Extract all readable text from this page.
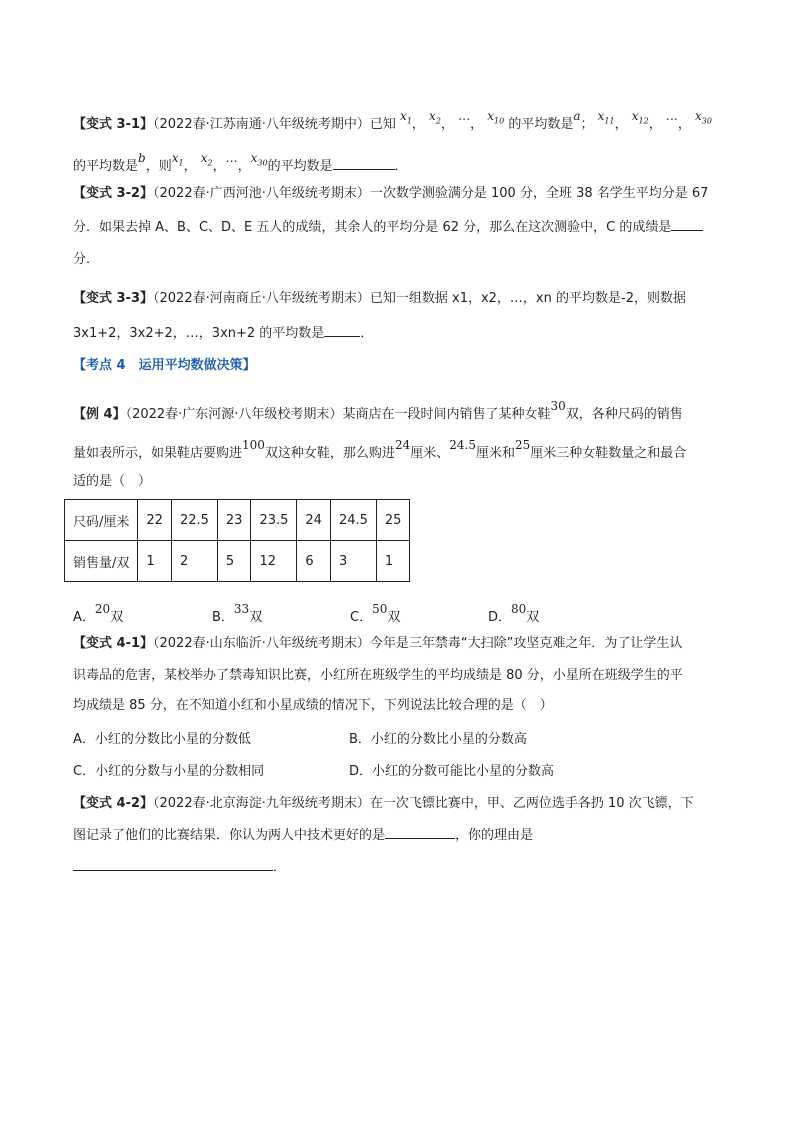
【变式 3-1】（2022春·江苏南通·八年级统考期中）已知 $x_1$， $x_2$， …， $x_{10}$ 的平均数是a； $x_{11}$， $x_{12}$， …， $x_{30}$
的平均数是b，则$x_1$， $x_2$，…，$x_{30}$的平均数是	．
【变式 3-2】（2022春·广西河池·八年级统考期末）一次数学测验满分是 100 分，全班 38 名学生平均分是 67
分．如果去掉 A、B、C、D、E 五人的成绩，其余人的平均分是 62 分，那么在这次测验中，C 的成绩是
分．
【变式 3-3】（2022春·河南商丘·八年级统考期末）已知一组数据 x1，x2，…，xn 的平均数是-2，则数据
3x1+2，3x2+2，…，3xn+2 的平均数是	．
【考点 4　运用平均数做决策】
【例 4】（2022春·广东河源·八年级校考期末）某商店在一段时间内销售了某种女鞋30双，各种尺码的销售
量如表所示，如果鞋店要购进100双这种女鞋，那么购进24厘米、24.5厘米和25厘米三种女鞋数量之和最合
适的是（　）
尺码/厘米	22	22.5	23	23.5	24	24.5	25
销售量/双	1	2	5	12	6	3	1
A．20双	B．33双	C．50双	D．80双
【变式 4-1】（2022春·山东临沂·八年级统考期末）今年是三年禁毒“大扫除”攻坚克难之年．为了让学生认
识毒品的危害，某校举办了禁毒知识比赛，小红所在班级学生的平均成绩是 80 分，小星所在班级学生的平
均成绩是 85 分，在不知道小红和小星成绩的情况下，下列说法比较合理的是（　）
A．小红的分数比小星的分数低	B．小红的分数比小星的分数高
C．小红的分数与小星的分数相同	D．小红的分数可能比小星的分数高
【变式 4-2】（2022春·北京海淀·九年级统考期末）在一次飞镖比赛中，甲、乙两位选手各扔 10 次飞镖，下
图记录了他们的比赛结果．你认为两人中技术更好的是	，你的理由是
．
